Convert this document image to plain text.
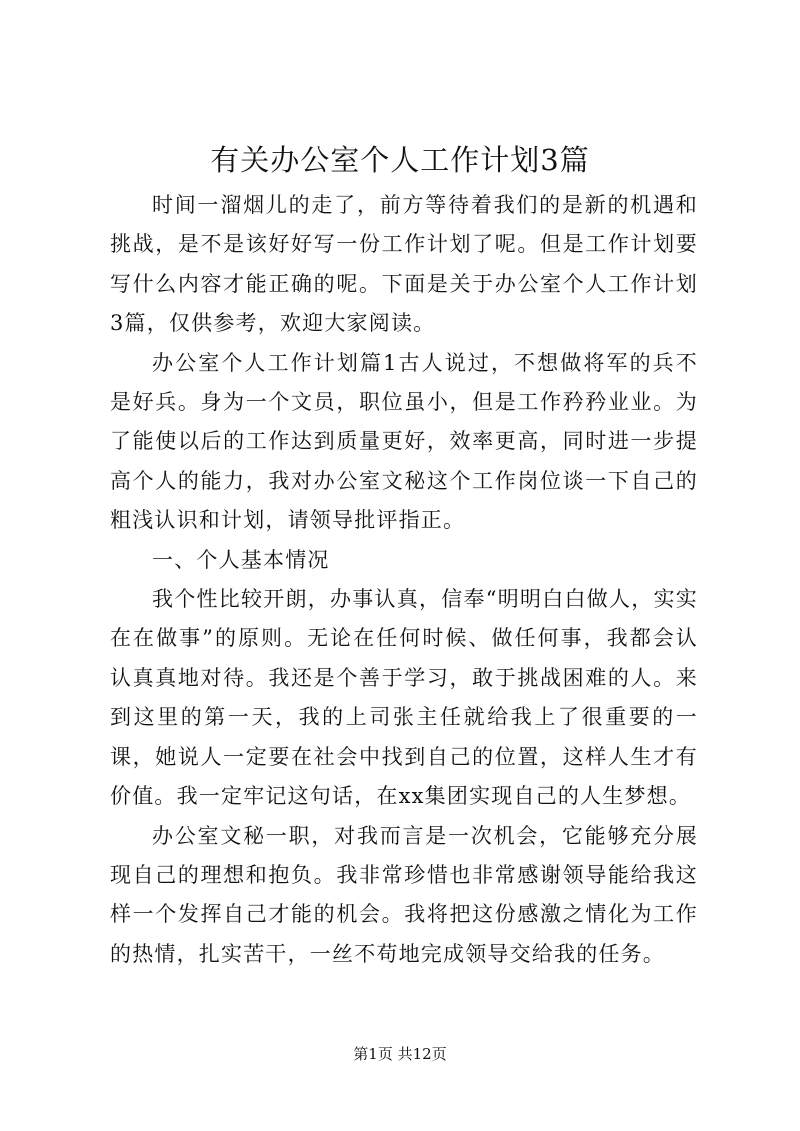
有关办公室个人工作计划3篇

时间一溜烟儿的走了，前方等待着我们的是新的机遇和挑战，是不是该好好写一份工作计划了呢。但是工作计划要写什么内容才能正确的呢。下面是关于办公室个人工作计划3篇，仅供参考，欢迎大家阅读。

办公室个人工作计划篇1古人说过，不想做将军的兵不是好兵。身为一个文员，职位虽小，但是工作矜矜业业。为了能使以后的工作达到质量更好，效率更高，同时进一步提高个人的能力，我对办公室文秘这个工作岗位谈一下自己的粗浅认识和计划，请领导批评指正。

一、个人基本情况

我个性比较开朗，办事认真，信奉“明明白白做人，实实在在做事”的原则。无论在任何时候、做任何事，我都会认认真真地对待。我还是个善于学习，敢于挑战困难的人。来到这里的第一天，我的上司张主任就给我上了很重要的一课，她说人一定要在社会中找到自己的位置，这样人生才有价值。我一定牢记这句话，在xx集团实现自己的人生梦想。

办公室文秘一职，对我而言是一次机会，它能够充分展现自己的理想和抱负。我非常珍惜也非常感谢领导能给我这样一个发挥自己才能的机会。我将把这份感激之情化为工作的热情，扎实苦干，一丝不苟地完成领导交给我的任务。

第1页 共12页
